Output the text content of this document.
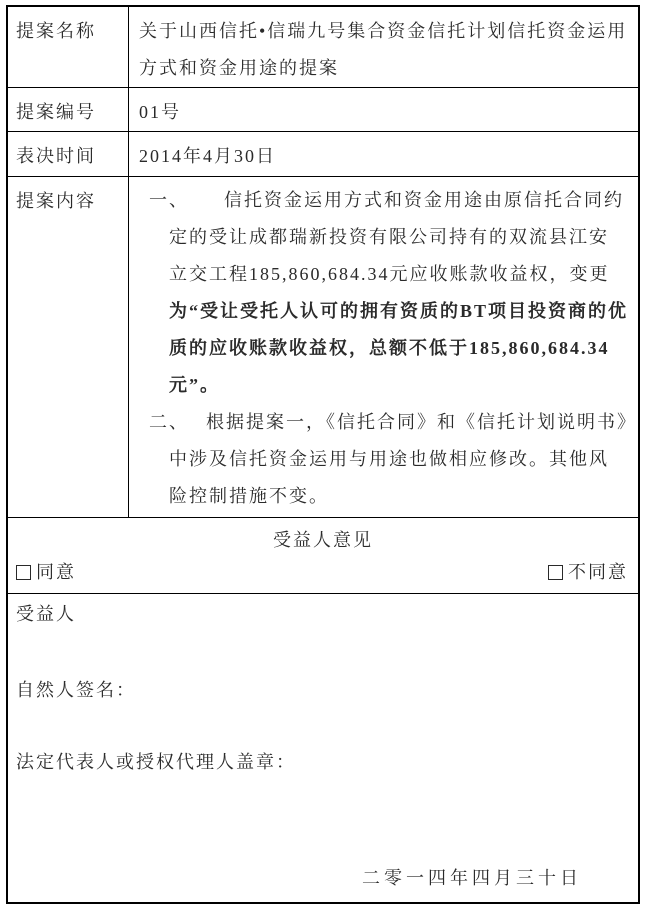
提案名称	关于山西信托•信瑞九号集合资金信托计划信托资金运用方式和资金用途的提案
提案编号	01号
表决时间	2014年4月30日
提案内容	一、 信托资金运用方式和资金用途由原信托合同约定的受让成都瑞新投资有限公司持有的双流县江安立交工程185,860,684.34元应收账款收益权，变更为“受让受托人认可的拥有资质的BT项目投资商的优质的应收账款收益权，总额不低于185,860,684.34元”。
二、 根据提案一，《信托合同》和《信托计划说明书》中涉及信托资金运用与用途也做相应修改。其他风险控制措施不变。

受益人意见
同意 不同意	

受益人
自然人签名：
法定代表人或授权代理人盖章：
二零一四年四月三十日	
